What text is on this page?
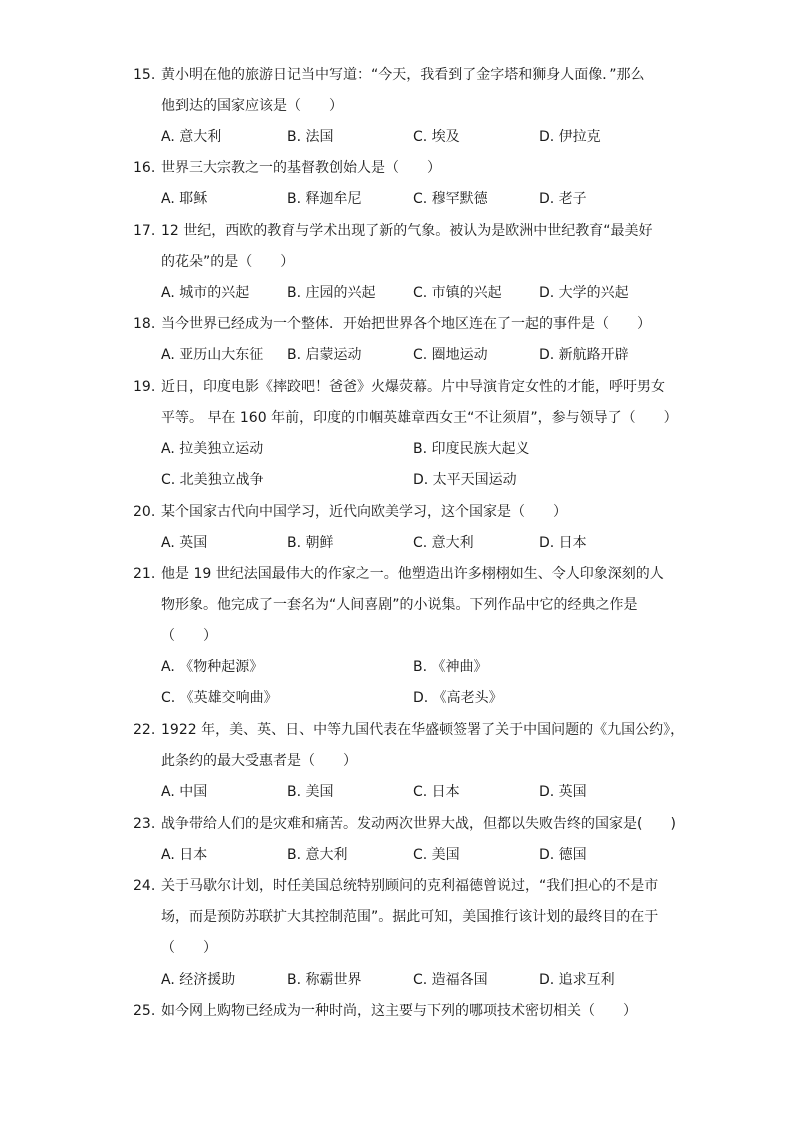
15. 黄小明在他的旅游日记当中写道：“今天，我看到了金字塔和狮身人面像．”那么
他到达的国家应该是（　　）
A. 意大利	B. 法国	C. 埃及	D. 伊拉克
16. 世界三大宗教之一的基督教创始人是（　　）
A. 耶稣	B. 释迦牟尼	C. 穆罕默德	D. 老子
17. 12 世纪，西欧的教育与学术出现了新的气象。被认为是欧洲中世纪教育“最美好
的花朵”的是（　　）
A. 城市的兴起	B. 庄园的兴起	C. 市镇的兴起	D. 大学的兴起
18. 当今世界已经成为一个整体．开始把世界各个地区连在了一起的事件是（　　）
A. 亚历山大东征 B. 启蒙运动	C. 圈地运动	D. 新航路开辟
19. 近日，印度电影《摔跤吧！爸爸》火爆荧幕。片中导演肯定女性的才能，呼吁男女
平等。 早在 160 年前，印度的巾帼英雄章西女王“不让须眉”，参与领导了（　　）
A. 拉美独立运动	B. 印度民族大起义
C. 北美独立战争	D. 太平天国运动
20. 某个国家古代向中国学习，近代向欧美学习，这个国家是（　　）
A. 英国	B. 朝鲜	C. 意大利	D. 日本
21. 他是 19 世纪法国最伟大的作家之一。他塑造出许多栩栩如生、令人印象深刻的人
物形象。他完成了一套名为“人间喜剧”的小说集。下列作品中它的经典之作是
（　　）
A. 《物种起源》	B. 《神曲》
C. 《英雄交响曲》	D. 《高老头》
22. 1922 年，美、英、日、中等九国代表在华盛顿签署了关于中国问题的《九国公约》，
此条约的最大受惠者是（　　）
A. 中国	B. 美国	C. 日本	D. 英国
23. 战争带给人们的是灾难和痛苦。发动两次世界大战，但都以失败告终的国家是(　　)
A. 日本	B. 意大利	C. 美国	D. 德国
24. 关于马歇尔计划，时任美国总统特别顾问的克利福德曾说过，“我们担心的不是市
场，而是预防苏联扩大其控制范围”。据此可知，美国推行该计划的最终目的在于
（　　）
A. 经济援助	B. 称霸世界	C. 造福各国	D. 追求互利
25. 如今网上购物已经成为一种时尚，这主要与下列的哪项技术密切相关（　　）
